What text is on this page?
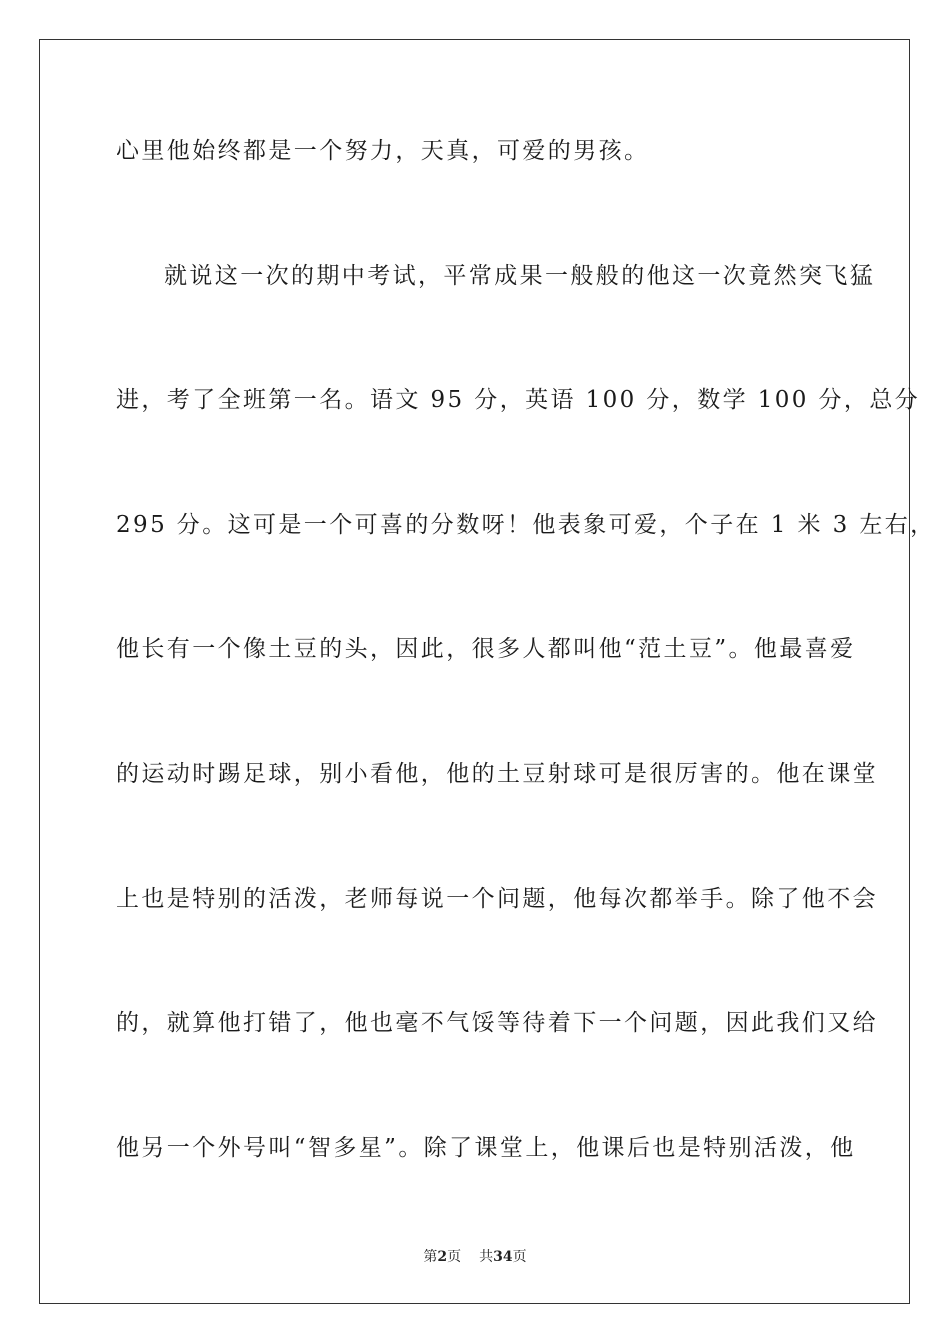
心里他始终都是一个努力，天真，可爱的男孩。
就说这一次的期中考试，平常成果一般般的他这一次竟然突飞猛
进，考了全班第一名。语文 95 分，英语 100 分，数学 100 分，总分
295 分。这可是一个可喜的分数呀！他表象可爱，个子在 1 米 3 左右，
他长有一个像土豆的头，因此，很多人都叫他“范土豆”。他最喜爱
的运动时踢足球，别小看他，他的土豆射球可是很厉害的。他在课堂
上也是特别的活泼，老师每说一个问题，他每次都举手。除了他不会
的，就算他打错了，他也毫不气馁等待着下一个问题，因此我们又给
他另一个外号叫“智多星”。除了课堂上，他课后也是特别活泼，他
第2页 共34页
